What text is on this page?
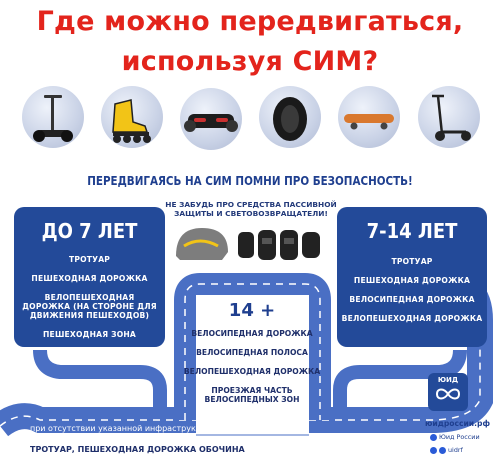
Где можно передвигаться,
используя СИМ?
ПЕРЕДВИГАЯСЬ НА СИМ ПОМНИ ПРО БЕЗОПАСНОСТЬ!
ДО 7 ЛЕТ
ТРОТУАР
ПЕШЕХОДНАЯ ДОРОЖКА
ВЕЛОПЕШЕХОДНАЯ ДОРОЖКА (НА СТОРОНЕ ДЛЯ ДВИЖЕНИЯ ПЕШЕХОДОВ)
ПЕШЕХОДНАЯ ЗОНА
НЕ ЗАБУДЬ ПРО СРЕДСТВА ПАССИВНОЙ
ЗАЩИТЫ И СВЕТОВОЗВРАЩАТЕЛИ!
7-14 ЛЕТ
ТРОТУАР
ПЕШЕХОДНАЯ ДОРОЖКА
ВЕЛОСИПЕДНАЯ ДОРОЖКА
ВЕЛОПЕШЕХОДНАЯ ДОРОЖКА
14 +
ВЕЛОСИПЕДНАЯ ДОРОЖКА
ВЕЛОСИПЕДНАЯ ПОЛОСА
ВЕЛОПЕШЕХОДНАЯ ДОРОЖКА
ПРОЕЗЖАЯ ЧАСТЬ ВЕЛОСИПЕДНЫХ ЗОН
при отсутствии указанной инфраструктуры:
ТРОТУАР, ПЕШЕХОДНАЯ ДОРОЖКА ОБОЧИНА
ЮИД
юидроссии.рф
Юид России
uidrf
